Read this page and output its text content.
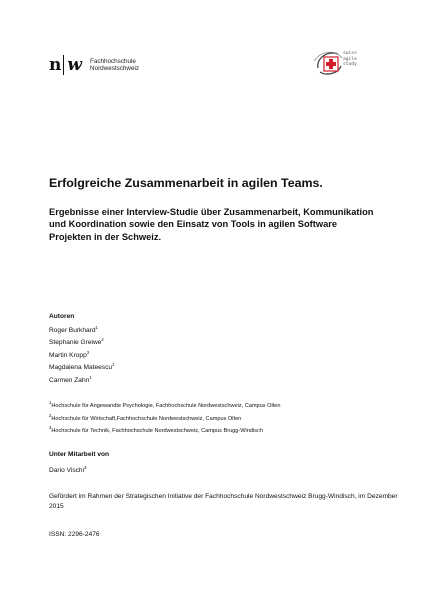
n w Fachhochschule
Nordwestschweiz
swiss
agile
study
Erfolgreiche Zusammenarbeit in agilen Teams.
Ergebnisse einer Interview-Studie über Zusammenarbeit, Kommunikation und Koordination sowie den Einsatz von Tools in agilen Software Projekten in der Schweiz.
Autoren
Roger Burkhard$^1$
Stephanie Greiwe$^2$
Martin Kropp$^3$
Magdalena Mateescu$^1$
Carmen Zahn$^1$
$^1$Hochschule für Angewandte Psychologie, Fachhochschule Nordwestschweiz, Campus Olten
$^2$Hochschule für Wirtschaft,Fachhochschule Nordwestschweiz, Campus Olten
$^3$Hochschule für Technik, Fachhochschule Nordwestschweiz, Campus Brugg-Windisch
Unter Mitarbeit von
Dario Vischi$^3$
Gefördert im Rahmen der Strategischen Initiative der Fachhochschule Nordwestschweiz Brugg-Windisch, im Dezember 2015
ISSN: 2296-2476
